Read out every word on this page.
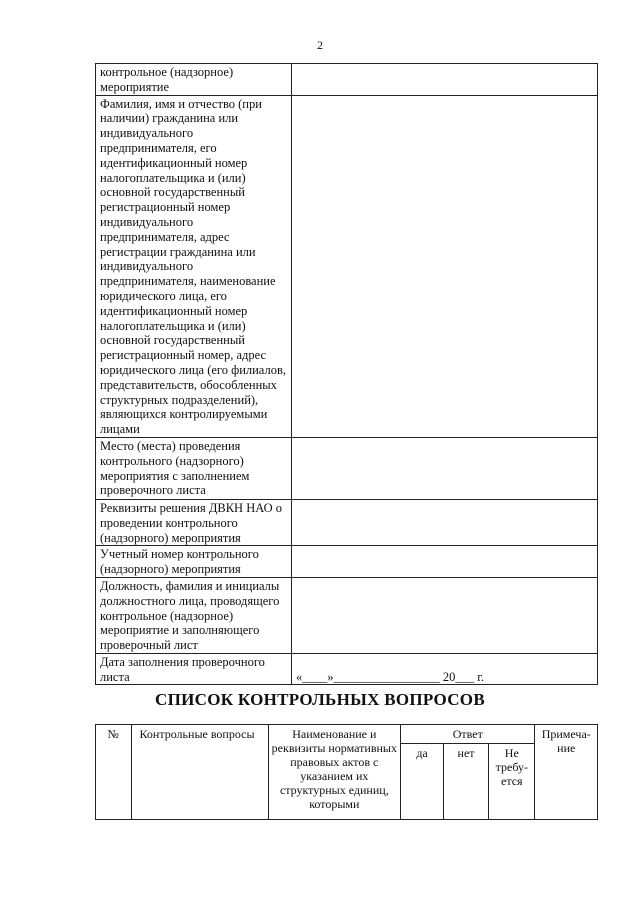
2
контрольное (надзорное) мероприятие	
Фамилия, имя и отчество (при наличии) гражданина или индивидуального предпринимателя, его идентификационный номер налогоплательщика и (или) основной государственный регистрационный номер индивидуального предпринимателя, адрес регистрации гражданина или индивидуального предпринимателя, наименование юридического лица, его идентификационный номер налогоплательщика и (или) основной государственный регистрационный номер, адрес юридического лица (его филиалов, представительств, обособленных структурных подразделений), являющихся контролируемыми лицами	
Место (места) проведения контрольного (надзорного) мероприятия с заполнением проверочного листа	
Реквизиты решения ДВКН НАО о проведении контрольного (надзорного) мероприятия	
Учетный номер контрольного (надзорного) мероприятия	
Должность, фамилия и инициалы должностного лица, проводящего контрольное (надзорное) мероприятие и заполняющего проверочный лист	
Дата заполнения проверочного листа	«____»_________________ 20___ г.
СПИСОК КОНТРОЛЬНЫХ ВОПРОСОВ
№	Контрольные вопросы	Наименование и реквизиты нормативных правовых актов с указанием их структурных единиц, которыми	Ответ			Примеча-ние
			да	нет	Не требу-ется	
